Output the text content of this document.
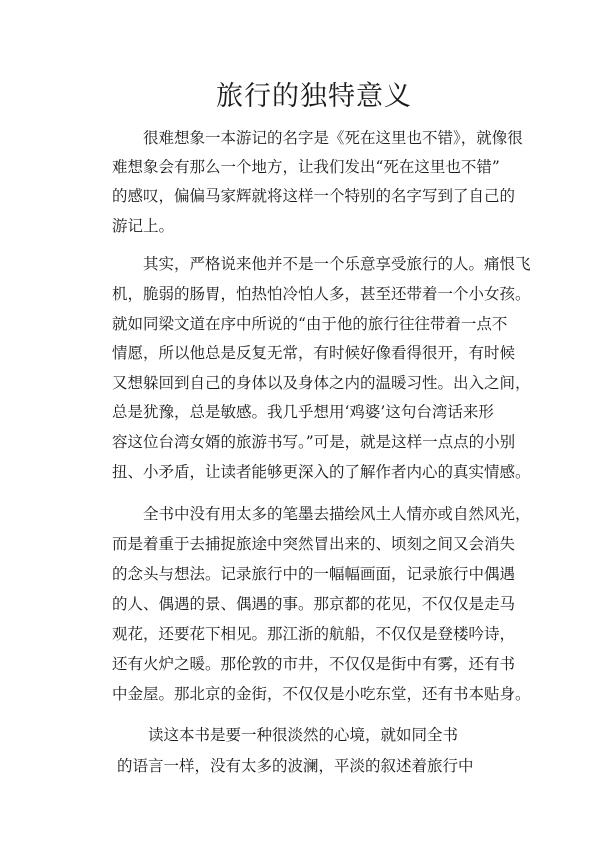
旅行的独特意义
很难想象一本游记的名字是《死在这里也不错》，就像很
难想象会有那么一个地方，让我们发出“死在这里也不错”
的感叹，偏偏马家辉就将这样一个特别的名字写到了自己的
游记上。
其实，严格说来他并不是一个乐意享受旅行的人。痛恨飞
机，脆弱的肠胃，怕热怕冷怕人多，甚至还带着一个小女孩。
就如同梁文道在序中所说的“由于他的旅行往往带着一点不
情愿，所以他总是反复无常，有时候好像看得很开，有时候
又想躲回到自己的身体以及身体之内的温暖习性。出入之间，
总是犹豫，总是敏感。我几乎想用‘鸡婆’这句台湾话来形
容这位台湾女婿的旅游书写。”可是，就是这样一点点的小别
扭、小矛盾，让读者能够更深入的了解作者内心的真实情感。
全书中没有用太多的笔墨去描绘风土人情亦或自然风光，
而是着重于去捕捉旅途中突然冒出来的、顷刻之间又会消失
的念头与想法。记录旅行中的一幅幅画面，记录旅行中偶遇
的人、偶遇的景、偶遇的事。那京都的花见，不仅仅是走马
观花，还要花下相见。那江浙的航船，不仅仅是登楼吟诗，
还有火炉之暖。那伦敦的市井，不仅仅是街中有雾，还有书
中金屋。那北京的金街，不仅仅是小吃东堂，还有书本贴身。
读这本书是要一种很淡然的心境，就如同全书
的语言一样，没有太多的波澜，平淡的叙述着旅行中
